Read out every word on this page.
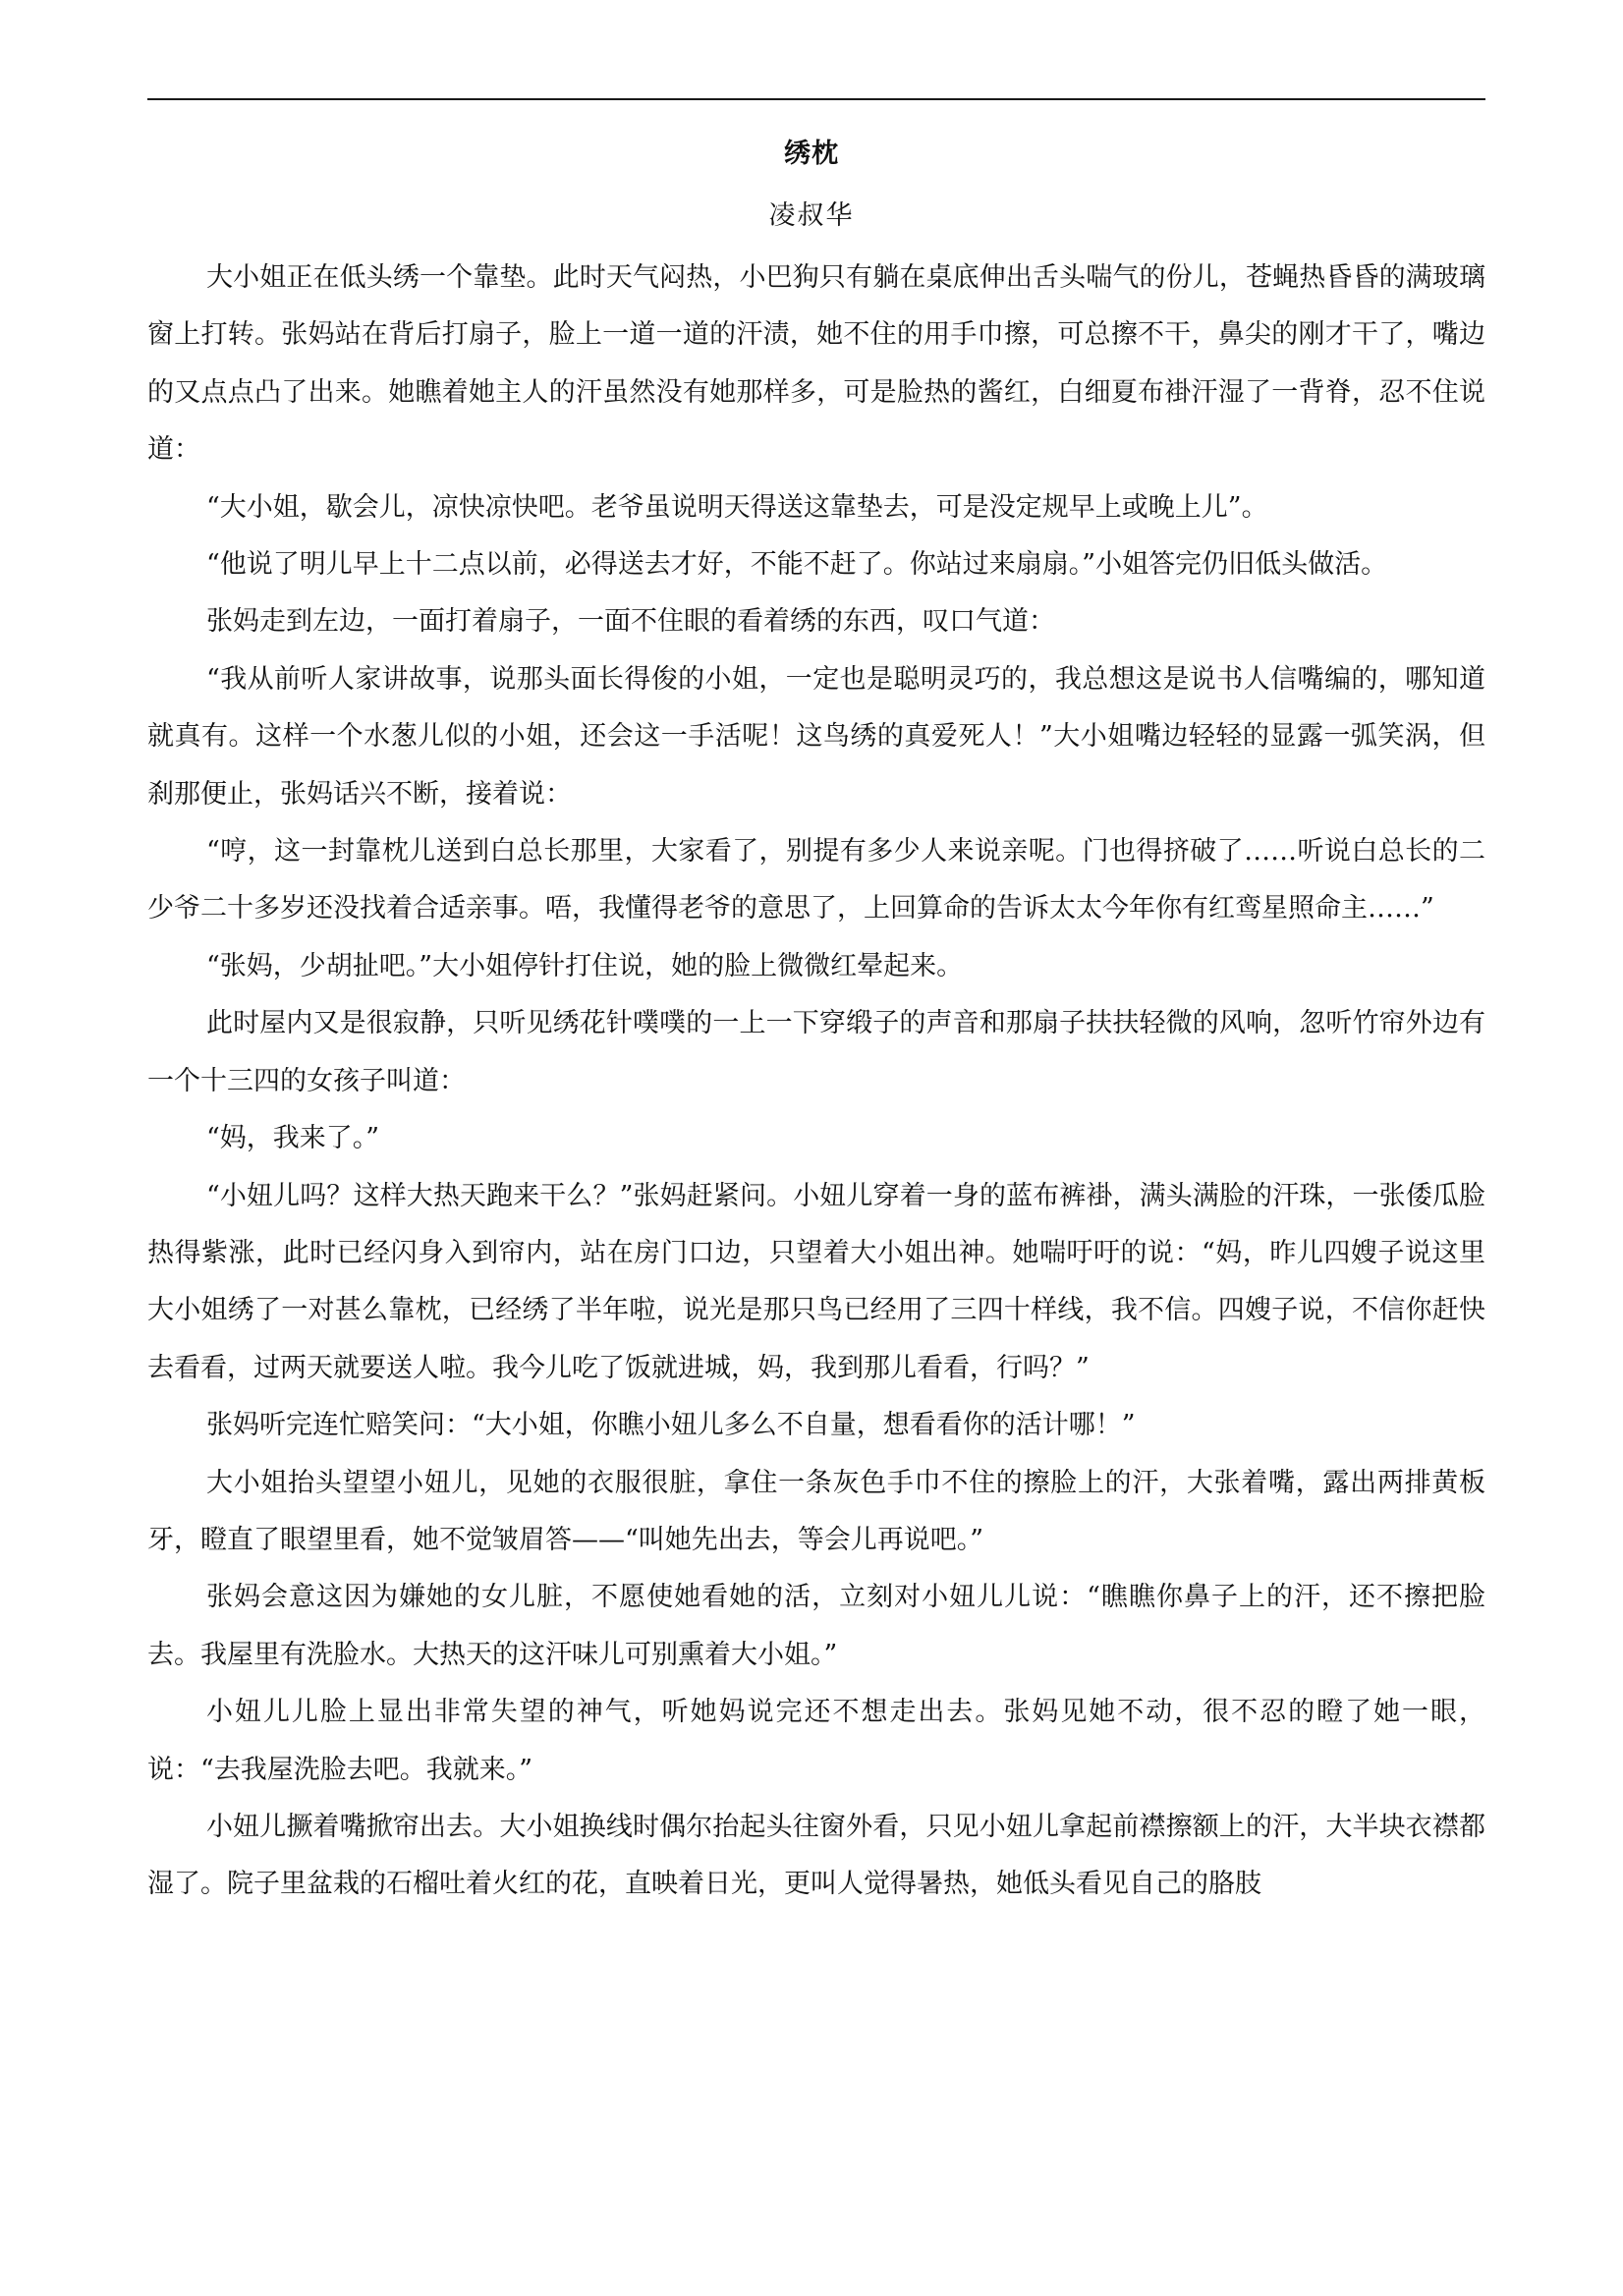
绣枕
凌叔华

大小姐正在低头绣一个靠垫。此时天气闷热，小巴狗只有躺在桌底伸出舌头喘气的份儿，苍蝇热昏昏的满玻璃窗上打转。张妈站在背后打扇子，脸上一道一道的汗渍，她不住的用手巾擦，可总擦不干，鼻尖的刚才干了，嘴边的又点点凸了出来。她瞧着她主人的汗虽然没有她那样多，可是脸热的酱红，白细夏布褂汗湿了一背脊，忍不住说道：

“大小姐，歇会儿，凉快凉快吧。老爷虽说明天得送这靠垫去，可是没定规早上或晚上儿”。

“他说了明儿早上十二点以前，必得送去才好，不能不赶了。你站过来扇扇。”小姐答完仍旧低头做活。

张妈走到左边，一面打着扇子，一面不住眼的看着绣的东西，叹口气道：

“我从前听人家讲故事，说那头面长得俊的小姐，一定也是聪明灵巧的，我总想这是说书人信嘴编的，哪知道就真有。这样一个水葱儿似的小姐，还会这一手活呢！这鸟绣的真爱死人！”大小姐嘴边轻轻的显露一弧笑涡，但刹那便止，张妈话兴不断，接着说：

“哼，这一封靠枕儿送到白总长那里，大家看了，别提有多少人来说亲呢。门也得挤破了……听说白总长的二少爷二十多岁还没找着合适亲事。唔，我懂得老爷的意思了，上回算命的告诉太太今年你有红鸾星照命主……”

“张妈，少胡扯吧。”大小姐停针打住说，她的脸上微微红晕起来。

此时屋内又是很寂静，只听见绣花针噗噗的一上一下穿缎子的声音和那扇子扶扶轻微的风响，忽听竹帘外边有一个十三四的女孩子叫道：

“妈，我来了。”

“小妞儿吗？这样大热天跑来干么？”张妈赶紧问。小妞儿穿着一身的蓝布裤褂，满头满脸的汗珠，一张倭瓜脸热得紫涨，此时已经闪身入到帘内，站在房门口边，只望着大小姐出神。她喘吁吁的说：“妈，昨儿四嫂子说这里大小姐绣了一对甚么靠枕，已经绣了半年啦，说光是那只鸟已经用了三四十样线，我不信。四嫂子说，不信你赶快去看看，过两天就要送人啦。我今儿吃了饭就进城，妈，我到那儿看看，行吗？”

张妈听完连忙赔笑问：“大小姐，你瞧小妞儿多么不自量，想看看你的活计哪！”

大小姐抬头望望小妞儿，见她的衣服很脏，拿住一条灰色手巾不住的擦脸上的汗，大张着嘴，露出两排黄板牙，瞪直了眼望里看，她不觉皱眉答——“叫她先出去，等会儿再说吧。”

张妈会意这因为嫌她的女儿脏，不愿使她看她的活，立刻对小妞儿儿说：“瞧瞧你鼻子上的汗，还不擦把脸去。我屋里有洗脸水。大热天的这汗味儿可别熏着大小姐。”

小妞儿儿脸上显出非常失望的神气，听她妈说完还不想走出去。张妈见她不动，很不忍的瞪了她一眼，说：“去我屋洗脸去吧。我就来。”

小妞儿撅着嘴掀帘出去。大小姐换线时偶尔抬起头往窗外看，只见小妞儿拿起前襟擦额上的汗，大半块衣襟都湿了。院子里盆栽的石榴吐着火红的花，直映着日光，更叫人觉得暑热，她低头看见自己的胳肢
